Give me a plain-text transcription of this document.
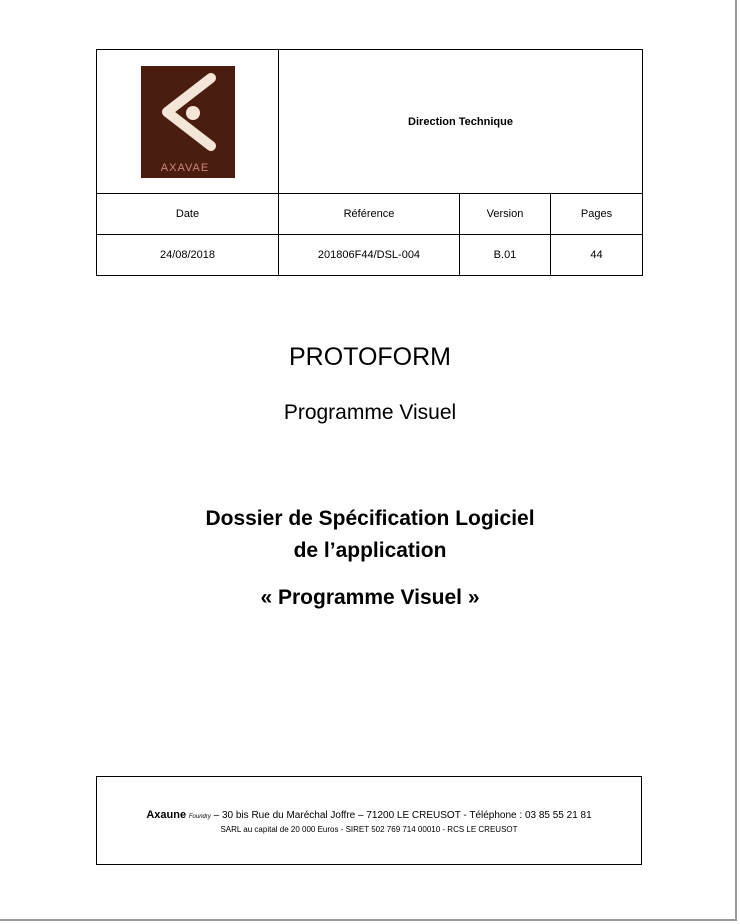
AXAVAE	Direction Technique		
Date	Référence	Version	Pages
24/08/2018	201806F44/DSL-004	B.01	44
PROTOFORM
Programme Visuel
Dossier de Spécification Logiciel
de l’application
« Programme Visuel »
Axaune Foundry – 30 bis Rue du Maréchal Joffre – 71200 LE CREUSOT - Téléphone : 03 85 55 21 81
SARL au capital de 20 000 Euros - SIRET 502 769 714 00010 - RCS LE CREUSOT
